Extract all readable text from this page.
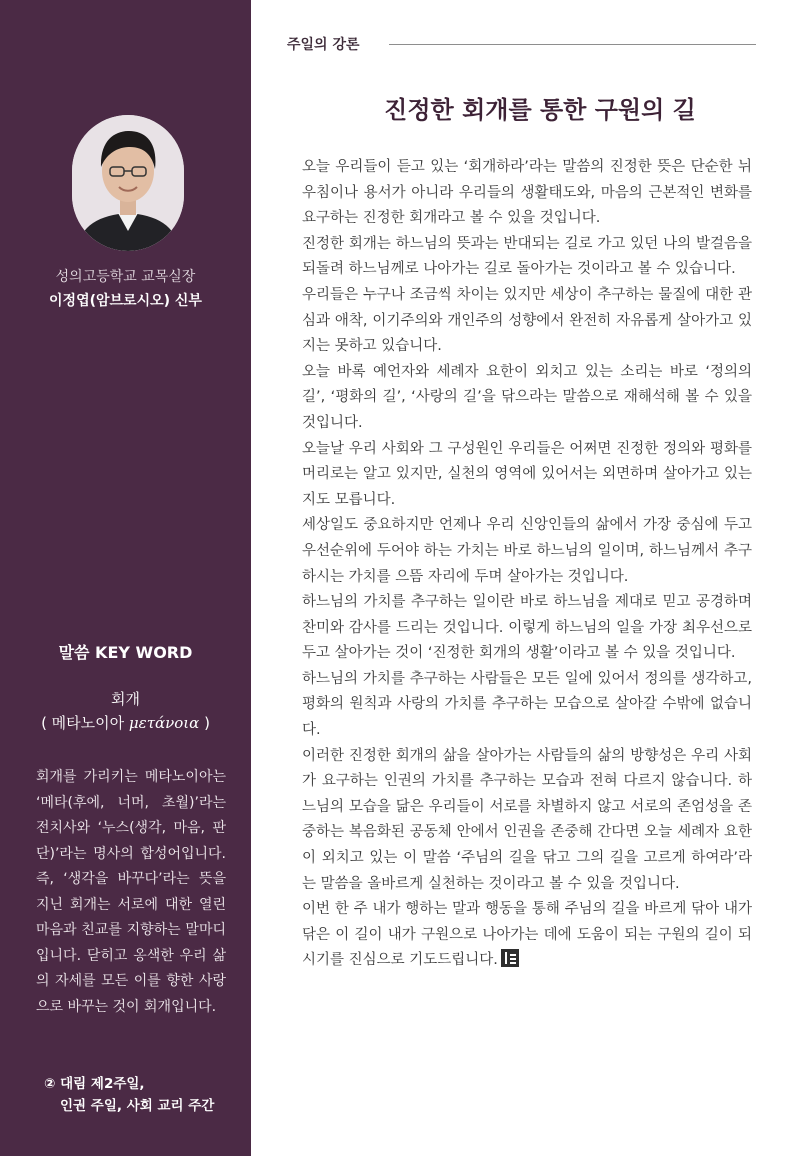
성의고등학교 교목실장
이정엽(암브로시오) 신부
말씀 KEY WORD
회개
( 메타노이아 μετάνοια )

회개를 가리키는 메타노이아는 ‘메타(후에, 너머, 초월)’라는 전치사와 ‘누스(생각, 마음, 판단)’라는 명사의 합성어입니다. 즉, ‘생각을 바꾸다’라는 뜻을 지닌 회개는 서로에 대한 열린 마음과 친교를 지향하는 말마디입니다. 닫히고 옹색한 우리 삶의 자세를 모든 이를 향한 사랑으로 바꾸는 것이 회개입니다.

② 대림 제2주일,
인권 주일, 사회 교리 주간
주일의 강론
진정한 회개를 통한 구원의 길

오늘 우리들이 듣고 있는 ‘회개하라’라는 말씀의 진정한 뜻은 단순한 뉘우침이나 용서가 아니라 우리들의 생활태도와, 마음의 근본적인 변화를 요구하는 진정한 회개라고 볼 수 있을 것입니다.

진정한 회개는 하느님의 뜻과는 반대되는 길로 가고 있던 나의 발걸음을 되돌려 하느님께로 나아가는 길로 돌아가는 것이라고 볼 수 있습니다.

우리들은 누구나 조금씩 차이는 있지만 세상이 추구하는 물질에 대한 관심과 애착, 이기주의와 개인주의 성향에서 완전히 자유롭게 살아가고 있지는 못하고 있습니다.

오늘 바록 예언자와 세례자 요한이 외치고 있는 소리는 바로 ‘정의의 길’, ‘평화의 길’, ‘사랑의 길’을 닦으라는 말씀으로 재해석해 볼 수 있을 것입니다.

오늘날 우리 사회와 그 구성원인 우리들은 어쩌면 진정한 정의와 평화를 머리로는 알고 있지만, 실천의 영역에 있어서는 외면하며 살아가고 있는지도 모릅니다.

세상일도 중요하지만 언제나 우리 신앙인들의 삶에서 가장 중심에 두고 우선순위에 두어야 하는 가치는 바로 하느님의 일이며, 하느님께서 추구하시는 가치를 으뜸 자리에 두며 살아가는 것입니다.

하느님의 가치를 추구하는 일이란 바로 하느님을 제대로 믿고 공경하며 찬미와 감사를 드리는 것입니다. 이렇게 하느님의 일을 가장 최우선으로 두고 살아가는 것이 ‘진정한 회개의 생활’이라고 볼 수 있을 것입니다.

하느님의 가치를 추구하는 사람들은 모든 일에 있어서 정의를 생각하고, 평화의 원칙과 사랑의 가치를 추구하는 모습으로 살아갈 수밖에 없습니다.

이러한 진정한 회개의 삶을 살아가는 사람들의 삶의 방향성은 우리 사회가 요구하는 인권의 가치를 추구하는 모습과 전혀 다르지 않습니다. 하느님의 모습을 닮은 우리들이 서로를 차별하지 않고 서로의 존엄성을 존중하는 복음화된 공동체 안에서 인권을 존중해 간다면 오늘 세례자 요한이 외치고 있는 이 말씀 ‘주님의 길을 닦고 그의 길을 고르게 하여라’라는 말씀을 올바르게 실천하는 것이라고 볼 수 있을 것입니다.

이번 한 주 내가 행하는 말과 행동을 통해 주님의 길을 바르게 닦아 내가 닦은 이 길이 내가 구원으로 나아가는 데에 도움이 되는 구원의 길이 되시기를 진심으로 기도드립니다.
